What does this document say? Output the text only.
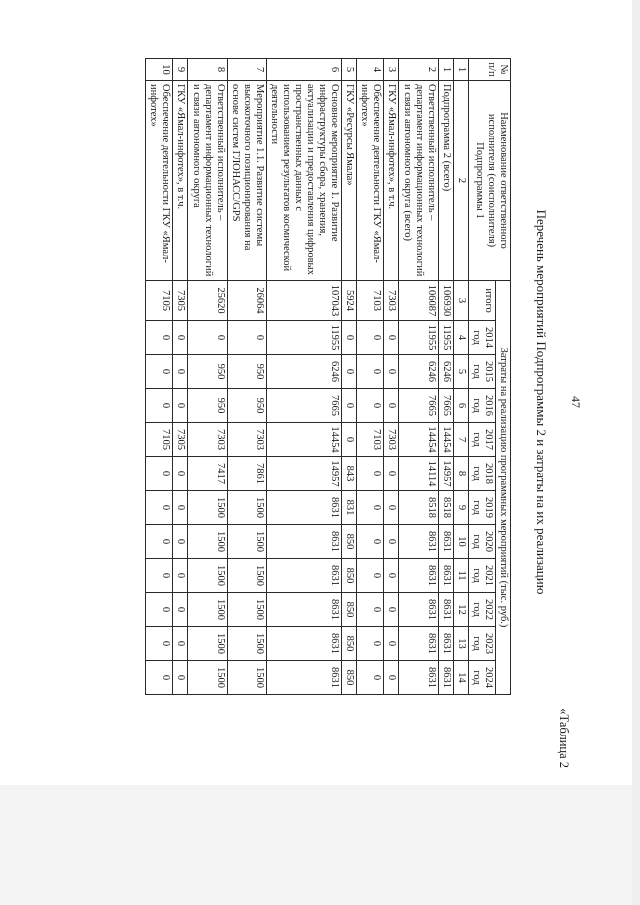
47
«Таблица 2
Перечень мероприятий Подпрограммы 2 и затраты на их реализацию
№ п/п	Наименование ответственного исполнителя (соисполнителя) Подпрограммы 1	Затраты на реализацию программных мероприятий (тыс. руб.)											
		итого	2014 год	2015 год	2016 год	2017 год	2018 год	2019 год	2020 год	2021 год	2022 год	2023 год	2024 год
1	2	3	4	5	6	7	8	9	10	11	12	13	14
1	Подпрограмма 2 (всего)	106930	11955	6246	7665	14454	14957	8518	8631	8631	8631	8631	8631
2	Ответственный исполнитель – департамент информационных технологий и связи автономного округа (всего)	106087	11955	6246	7665	14454	14114	8518	8631	8631	8631	8631	8631
3	ГКУ «Ямал-инфотех», в т.ч.	7303	0	0	0	7303	0	0	0	0	0	0	0
4	Обеспечение деятельности ГКУ «Ямал-инфотех»	7103	0	0	0	7103	0	0	0	0	0	0	0
5	ГКУ «Ресурсы Ямала»	5924	0	0	0	0	843	831	850	850	850	850	850
6	Основное мероприятие 1. Развитие инфраструктуры сбора, хранения, актуализации и предоставления цифровых пространственных данных с использованием результатов космической деятельности	107043	11955	6246	7665	14454	14957	8631	8631	8631	8631	8631	8631
7	Мероприятие 1.1. Развитие системы высокоточного позиционирования на основе систем ГЛОНАСС/GPS	26064	0	950	950	7303	7861	1500	1500	1500	1500	1500	1500
8	Ответственный исполнитель – департамент информационных технологий и связи автономного округа	25620	0	950	950	7303	7417	1500	1500	1500	1500	1500	1500
9	ГКУ «Ямал-инфотех», в т.ч.	7305	0	0	0	7305	0	0	0	0	0	0	0
10	Обеспечение деятельности ГКУ «Ямал-инфотех»	7105	0	0	0	7105	0	0	0	0	0	0	0
